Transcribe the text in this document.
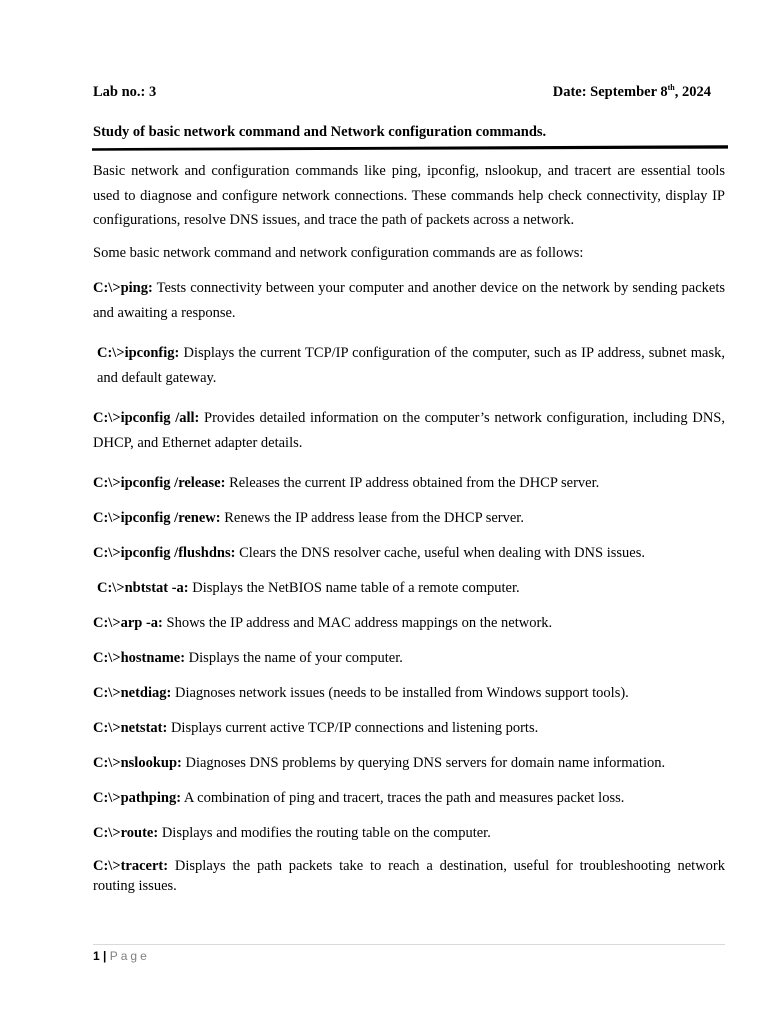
Lab no.: 3	Date: September 8th, 2024
Study of basic network command and Network configuration commands.

Basic network and configuration commands like ping, ipconfig, nslookup, and tracert are essential tools used to diagnose and configure network connections. These commands help check connectivity, display IP configurations, resolve DNS issues, and trace the path of packets across a network.

Some basic network command and network configuration commands are as follows:

C:\>ping: Tests connectivity between your computer and another device on the network by sending packets and awaiting a response.

C:\>ipconfig: Displays the current TCP/IP configuration of the computer, such as IP address, subnet mask, and default gateway.

C:\>ipconfig /all: Provides detailed information on the computer’s network configuration, including DNS, DHCP, and Ethernet adapter details.

C:\>ipconfig /release: Releases the current IP address obtained from the DHCP server.

C:\>ipconfig /renew: Renews the IP address lease from the DHCP server.

C:\>ipconfig /flushdns: Clears the DNS resolver cache, useful when dealing with DNS issues.

C:\>nbtstat -a: Displays the NetBIOS name table of a remote computer.

C:\>arp -a: Shows the IP address and MAC address mappings on the network.

C:\>hostname: Displays the name of your computer.

C:\>netdiag: Diagnoses network issues (needs to be installed from Windows support tools).

C:\>netstat: Displays current active TCP/IP connections and listening ports.

C:\>nslookup: Diagnoses DNS problems by querying DNS servers for domain name information.

C:\>pathping: A combination of ping and tracert, traces the path and measures packet loss.

C:\>route: Displays and modifies the routing table on the computer.

C:\>tracert: Displays the path packets take to reach a destination, useful for troubleshooting network routing issues.

1 | Page
